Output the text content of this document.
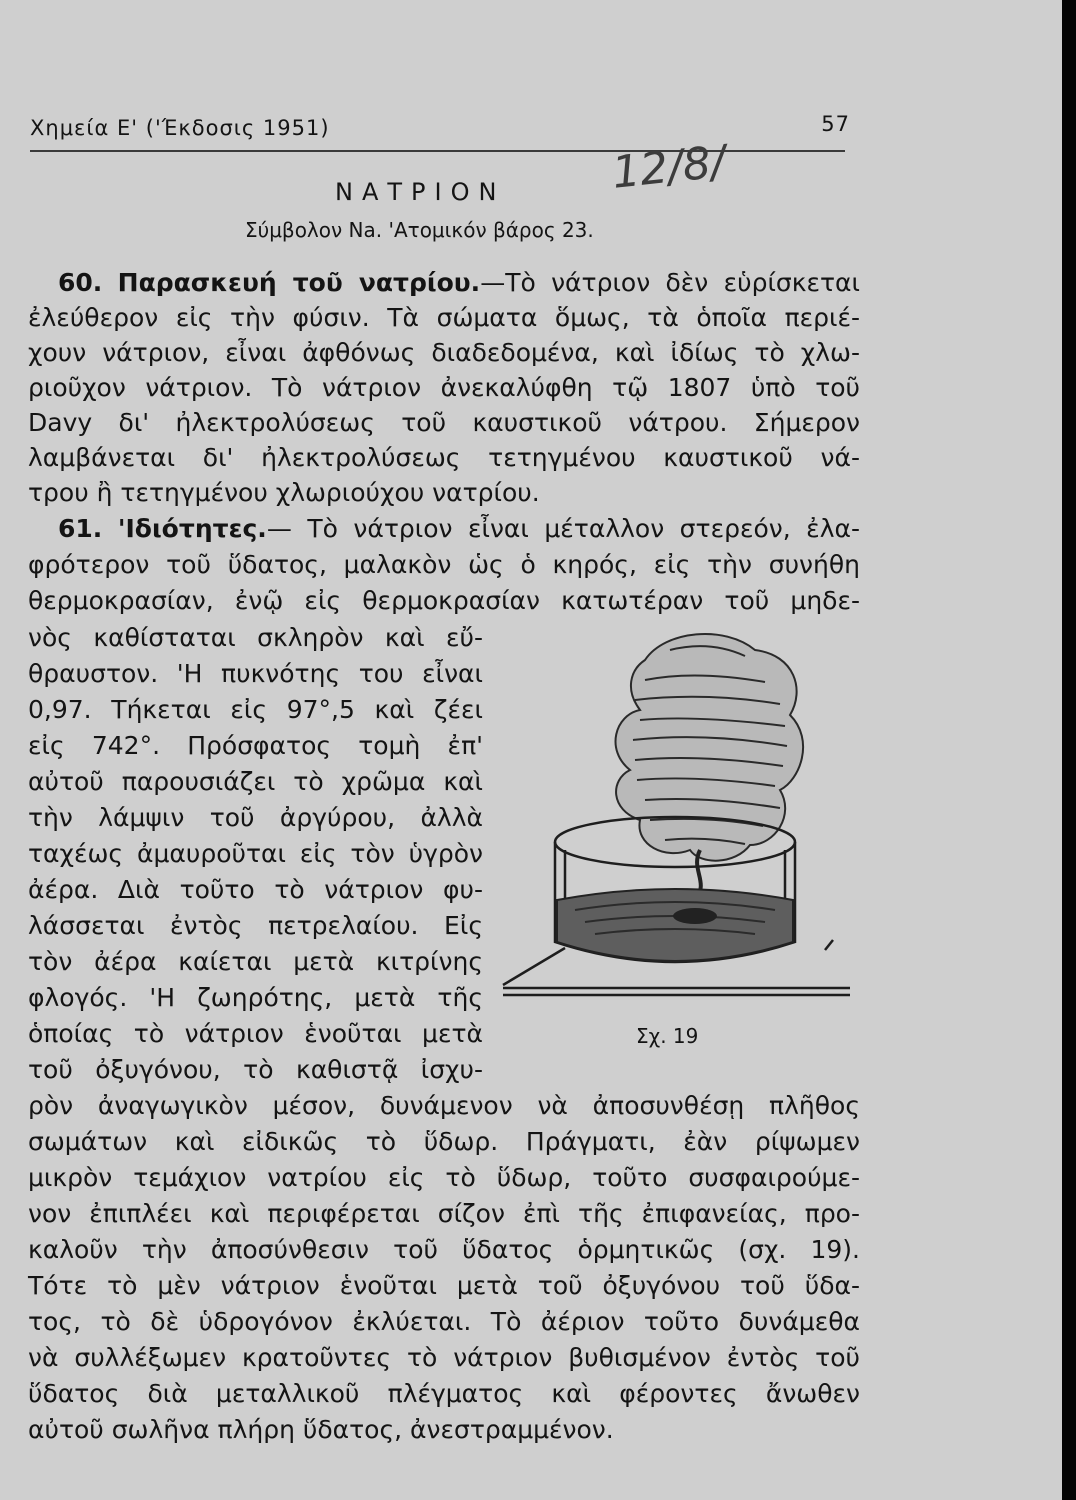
Χημεία Ε' ('Έκδοσις 1951)	57
12/8/
ΝΑΤΡΙΟΝ
Σύμβολον Na. 'Ατομικόν βάρος 23.
60. Παρασκευή τοῦ νατρίου.—Τὸ νάτριον δὲν εὑρίσκεται
ἐλεύθερον εἰς τὴν φύσιν. Τὰ σώματα ὅμως, τὰ ὁποῖα περιέ-
χουν νάτριον, εἶναι ἀφθόνως διαδεδομένα, καὶ ἰδίως τὸ χλω-
ριοῦχον νάτριον. Τὸ νάτριον ἀνεκαλύφθη τῷ 1807 ὑπὸ τοῦ
Davy δι' ἠλεκτρολύσεως τοῦ καυστικοῦ νάτρου. Σήμερον
λαμβάνεται δι' ἠλεκτρολύσεως τετηγμένου καυστικοῦ νά-
τρου ἢ τετηγμένου χλωριούχου νατρίου.
61. 'Ιδιότητες.— Τὸ νάτριον εἶναι μέταλλον στερεόν, ἐλα-
φρότερον τοῦ ὕδατος, μαλακὸν ὡς ὁ κηρός, εἰς τὴν συνήθη
θερμοκρασίαν, ἐνῷ εἰς θερμοκρασίαν κατωτέραν τοῦ μηδε-
νὸς καθίσταται σκληρὸν καὶ εὔ-
θραυστον. 'Η πυκνότης του εἶναι
0,97. Τήκεται εἰς 97°,5 καὶ ζέει
εἰς 742°. Πρόσφατος τομὴ ἐπ'
αὐτοῦ παρουσιάζει τὸ χρῶμα καὶ
τὴν λάμψιν τοῦ ἀργύρου, ἀλλὰ
ταχέως ἀμαυροῦται εἰς τὸν ὑγρὸν
ἀέρα. Διὰ τοῦτο τὸ νάτριον φυ-
λάσσεται ἐντὸς πετρελαίου. Εἰς
τὸν ἀέρα καίεται μετὰ κιτρίνης
φλογός. 'Η ζωηρότης, μετὰ τῆς
ὁποίας τὸ νάτριον ἑνοῦται μετὰ
τοῦ ὀξυγόνου, τὸ καθιστᾷ ἰσχυ-
ρὸν ἀναγωγικὸν μέσον, δυνάμενον νὰ ἀποσυνθέσῃ πλῆθος
σωμάτων καὶ εἰδικῶς τὸ ὕδωρ. Πράγματι, ἐὰν ρίψωμεν
μικρὸν τεμάχιον νατρίου εἰς τὸ ὕδωρ, τοῦτο συσφαιρούμε-
νον ἐπιπλέει καὶ περιφέρεται σίζον ἐπὶ τῆς ἐπιφανείας, προ-
καλοῦν τὴν ἀποσύνθεσιν τοῦ ὕδατος ὁρμητικῶς (σχ. 19).
Τότε τὸ μὲν νάτριον ἑνοῦται μετὰ τοῦ ὀξυγόνου τοῦ ὕδα-
τος, τὸ δὲ ὑδρογόνον ἐκλύεται. Τὸ ἀέριον τοῦτο δυνάμεθα
νὰ συλλέξωμεν κρατοῦντες τὸ νάτριον βυθισμένον ἐντὸς τοῦ
ὕδατος διὰ μεταλλικοῦ πλέγματος καὶ φέροντες ἄνωθεν
αὐτοῦ σωλῆνα πλήρη ὕδατος, ἀνεστραμμένον.
Σχ. 19
